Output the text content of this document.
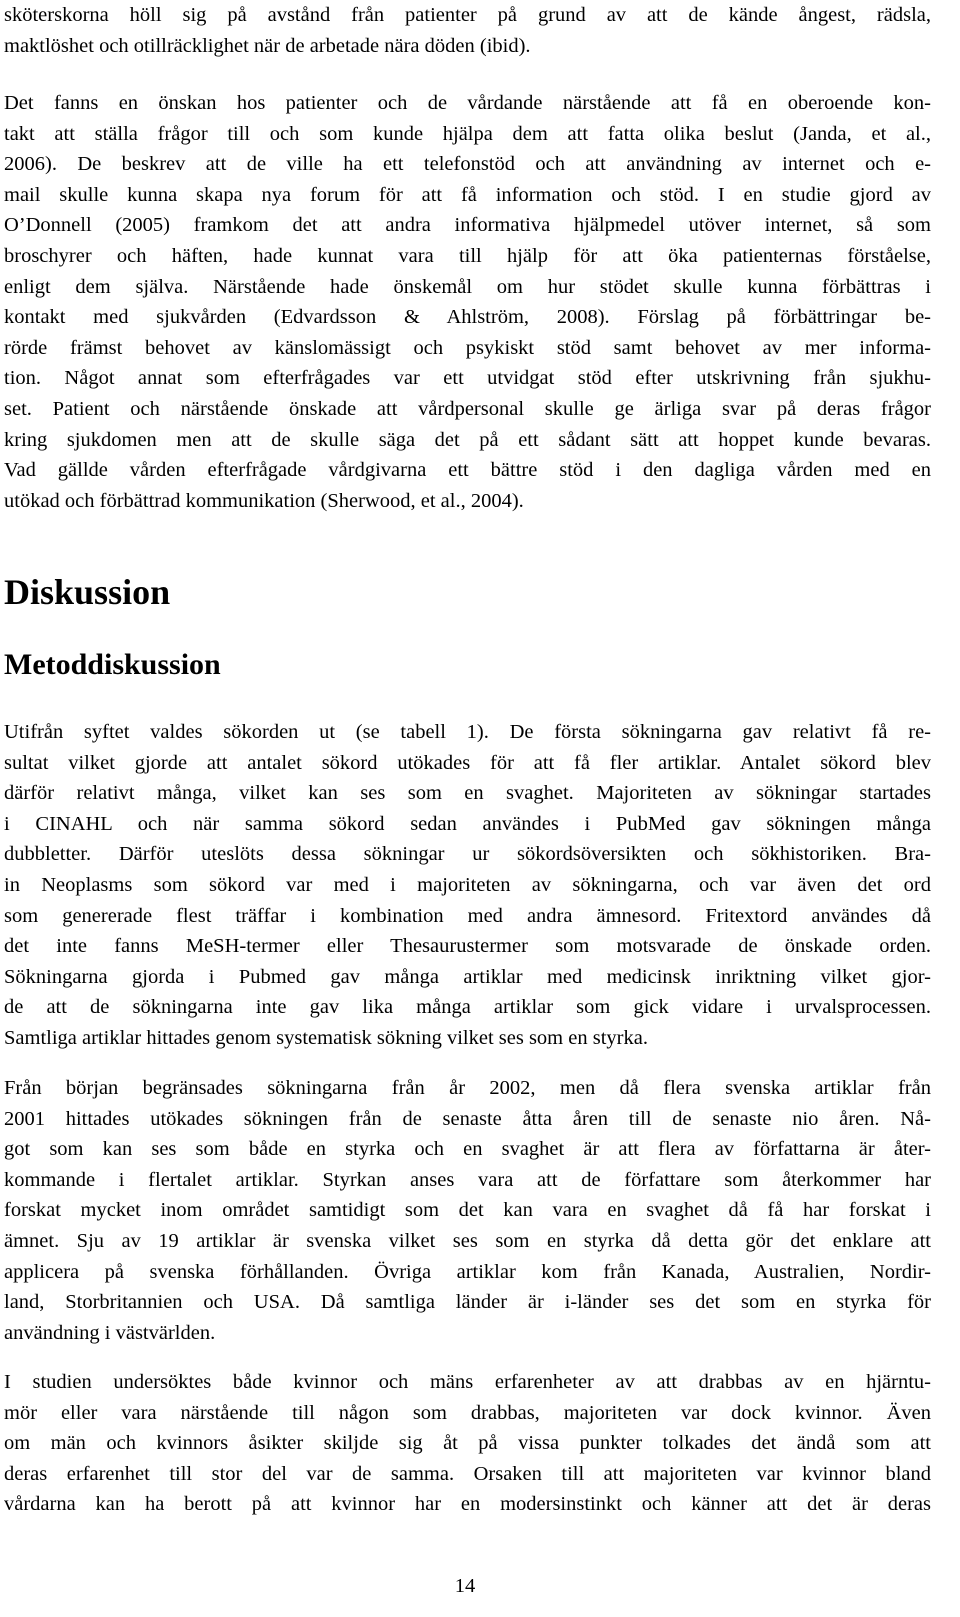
sköterskorna höll sig på avstånd från patienter på grund av att de kände ångest, rädsla,
maktlöshet och otillräcklighet när de arbetade nära döden (ibid).

Det fanns en önskan hos patienter och de vårdande närstående att få en oberoende kon-
takt att ställa frågor till och som kunde hjälpa dem att fatta olika beslut (Janda, et al.,
2006). De beskrev att de ville ha ett telefonstöd och att användning av internet och e-
mail skulle kunna skapa nya forum för att få information och stöd. I en studie gjord av
O’Donnell (2005) framkom det att andra informativa hjälpmedel utöver internet, så som
broschyrer och häften, hade kunnat vara till hjälp för att öka patienternas förståelse,
enligt dem själva. Närstående hade önskemål om hur stödet skulle kunna förbättras i
kontakt med sjukvården (Edvardsson & Ahlström, 2008). Förslag på förbättringar be-
rörde främst behovet av känslomässigt och psykiskt stöd samt behovet av mer informa-
tion. Något annat som efterfrågades var ett utvidgat stöd efter utskrivning från sjukhu-
set. Patient och närstående önskade att vårdpersonal skulle ge ärliga svar på deras frågor
kring sjukdomen men att de skulle säga det på ett sådant sätt att hoppet kunde bevaras.
Vad gällde vården efterfrågade vårdgivarna ett bättre stöd i den dagliga vården med en
utökad och förbättrad kommunikation (Sherwood, et al., 2004).

Diskussion
Metoddiskussion

Utifrån syftet valdes sökorden ut (se tabell 1). De första sökningarna gav relativt få re-
sultat vilket gjorde att antalet sökord utökades för att få fler artiklar. Antalet sökord blev
därför relativt många, vilket kan ses som en svaghet. Majoriteten av sökningar startades
i CINAHL och när samma sökord sedan användes i PubMed gav sökningen många
dubbletter. Därför uteslöts dessa sökningar ur sökordsöversikten och sökhistoriken. Bra-
in Neoplasms som sökord var med i majoriteten av sökningarna, och var även det ord
som genererade flest träffar i kombination med andra ämnesord. Fritextord användes då
det inte fanns MeSH-termer eller Thesaurustermer som motsvarade de önskade orden.
Sökningarna gjorda i Pubmed gav många artiklar med medicinsk inriktning vilket gjor-
de att de sökningarna inte gav lika många artiklar som gick vidare i urvalsprocessen.
Samtliga artiklar hittades genom systematisk sökning vilket ses som en styrka.

Från början begränsades sökningarna från år 2002, men då flera svenska artiklar från
2001 hittades utökades sökningen från de senaste åtta åren till de senaste nio åren. Nå-
got som kan ses som både en styrka och en svaghet är att flera av författarna är åter-
kommande i flertalet artiklar. Styrkan anses vara att de författare som återkommer har
forskat mycket inom området samtidigt som det kan vara en svaghet då få har forskat i
ämnet. Sju av 19 artiklar är svenska vilket ses som en styrka då detta gör det enklare att
applicera på svenska förhållanden. Övriga artiklar kom från Kanada, Australien, Nordir-
land, Storbritannien och USA. Då samtliga länder är i-länder ses det som en styrka för
användning i västvärlden.

I studien undersöktes både kvinnor och mäns erfarenheter av att drabbas av en hjärntu-
mör eller vara närstående till någon som drabbas, majoriteten var dock kvinnor. Även
om män och kvinnors åsikter skiljde sig åt på vissa punkter tolkades det ändå som att
deras erfarenhet till stor del var de samma. Orsaken till att majoriteten var kvinnor bland
vårdarna kan ha berott på att kvinnor har en modersinstinkt och känner att det är deras

14
